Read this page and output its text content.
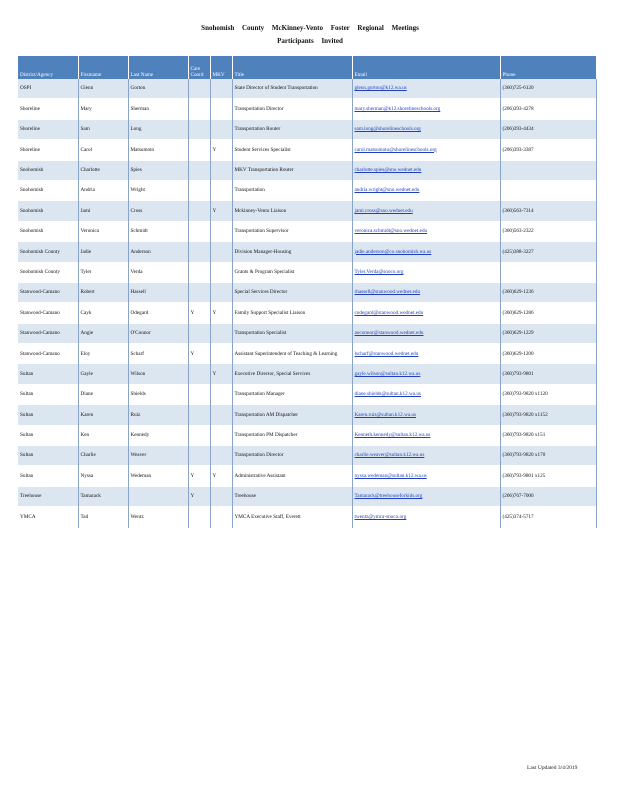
Snohomish County McKinney-Vento Foster Regional Meetings
Participants Invited
District/Agency	Firstname	Last Name	Care Coord	MKV	Title	Email	Phone
OSPI	Glenn	Gorton			State Director of Student Transportation	glenn.gorton@k12.wa.us	(360)725-6120
Shoreline	Mary	Sherman			Transportation Director	mary.sherman@k12.shorelineschools.org	(206)393-4278
Shoreline	Sam	Long			Transportation Router	sam.long@shorelineschools.org	(206)393-4434
Shoreline	Carol	Matsumoto		Y	Student Services Specialist	carol.matsumoto@shorelineschools.org	(206)393-3387
Snohomish	Charlotte	Spies			MKV Transportation Router	charlotte.spies@sno.wednet.edu	
Snohomish	Andria	Wright			Transportation	andria.wright@sno.wednet.edu	
Snohomish	Jami	Cross		Y	Mckinney-Vento Liaison	jami.cross@sno.wednet.edu	(360)563-7314
Snohomish	Veronica	Schmidt			Transportation Supervisor	veronica.schmidt@sno.wednet.edu	(360)563-2322
Snohomish County	Jadie	Anderson			Division Manager-Housing	jadie.anderson@co.snohomish.wa.us	(425)388-3227
Snohomish County	Tyler	Verda			Grants & Program Specialist	Tyler.Verda@snoco.org	
Stanwood-Camano	Robert	Hassell			Special Services Director	rhassell@stanwood.wednet.edu	(360)629-1236
Stanwood-Camano	Cayk	Odegard	Y	Y	Family Support Specialist Liaison	codegard@stanwood.wednet.edu	(360)629-1286
Stanwood-Camano	Angie	O'Connor			Transportation Specialist	aoconnor@stanwood.wednet.edu	(360)629-1229
Stanwood-Camano	Eloy	Scharf	Y		Assistant Superintendent of Teaching & Learning	lscharf@stanwood.wednet.edu	(360)629-1200
Sultan	Gayle	Wilson		Y	Executive Director, Special Services	gayle.wilson@sultan.k12.wa.us	(360)793-9801
Sultan	Diane	Shields			Transportation Manager	diane.shields@sultan.k12.wa.us	(360)793-9820 x1120
Sultan	Karen	Ruiz			Transportation AM Dispatcher	Karen.ruiz@sultan.k12.wa.us	(360)793-9820 x1152
Sultan	Ken	Kennedy			Transportation PM Dispatcher	Kenneth.kennedy@sultan.k12.wa.us	(360)793-9820 x151
Sultan	Charlie	Weaver			Transportation Director	charlie.weaver@sultan.k12.wa.us	(360)793-9820 x170
Sultan	Nyssa	Wedeman	Y	Y	Administrative Assistant	nyssa.wedeman@sultan.k12.wa.us	(360)793-9801 x125
Treehouse	Tamarack		Y		Treehouse	Tamarack@treehouseforkids.org	(206)767-7000
YMCA	Tad	Wentz			YMCA Executive Staff, Everett	twentz@ymca-snoco.org	(425)374-5717
Last Updated 3/4/2019
